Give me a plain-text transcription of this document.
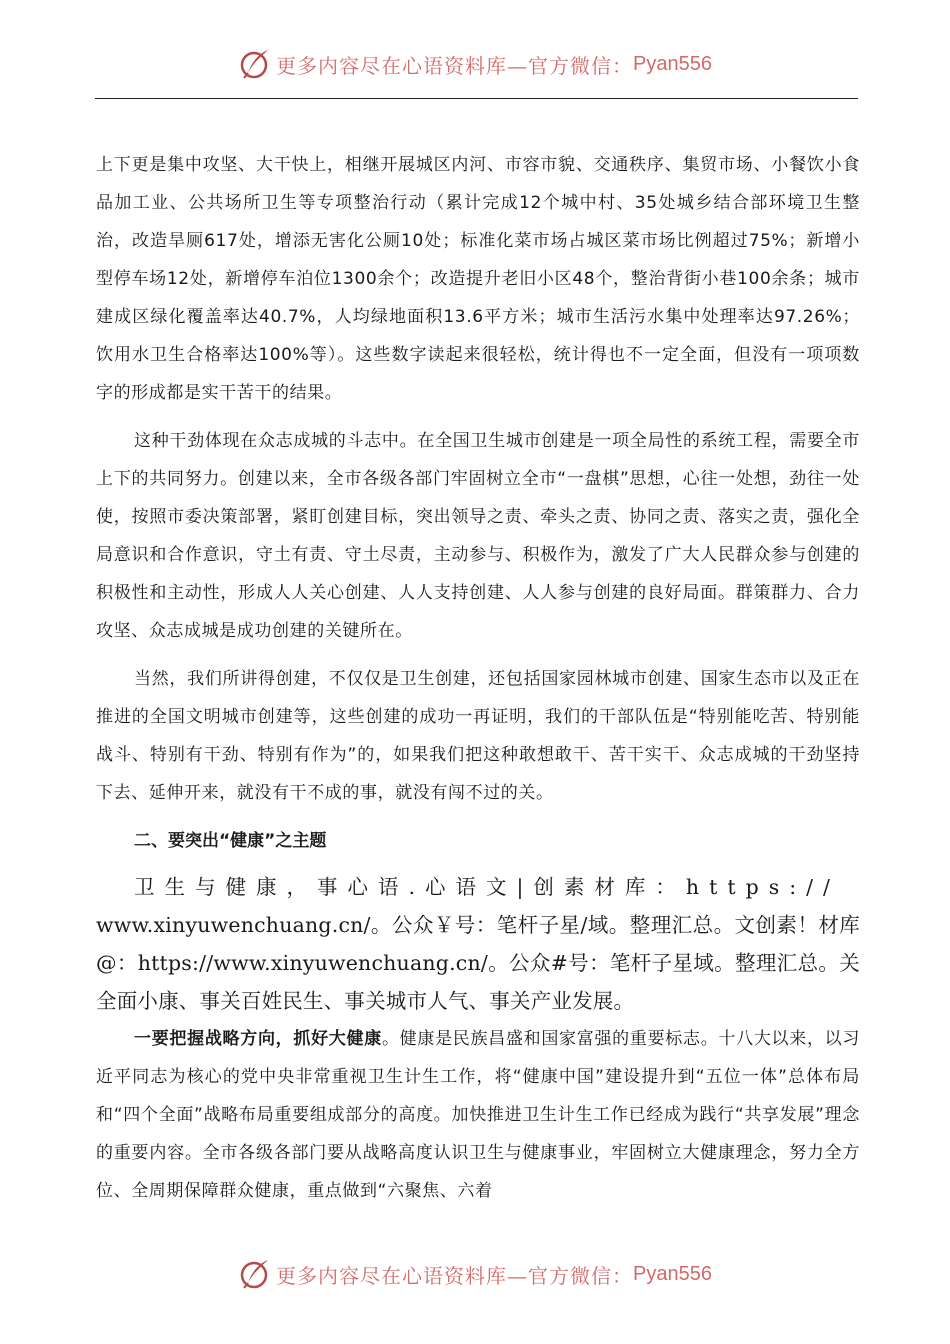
更多内容尽在心语资料库—官方微信： Pyan556

上下更是集中攻坚、大干快上，相继开展城区内河、市容市貌、交通秩序、集贸市场、小餐饮小食品加工业、公共场所卫生等专项整治行动（累计完成12个城中村、35处城乡结合部环境卫生整治，改造旱厕617处，增添无害化公厕10处；标准化菜市场占城区菜市场比例超过75%；新增小型停车场12处，新增停车泊位1300余个；改造提升老旧小区48个，整治背街小巷100余条；城市建成区绿化覆盖率达40.7%，人均绿地面积13.6平方米；城市生活污水集中处理率达97.26%；饮用水卫生合格率达100%等）。这些数字读起来很轻松，统计得也不一定全面，但没有一项项数字的形成都是实干苦干的结果。

这种干劲体现在众志成城的斗志中。在全国卫生城市创建是一项全局性的系统工程，需要全市上下的共同努力。创建以来，全市各级各部门牢固树立全市“一盘棋”思想，心往一处想，劲往一处使，按照市委决策部署，紧盯创建目标，突出领导之责、牵头之责、协同之责、落实之责，强化全局意识和合作意识，守土有责、守土尽责，主动参与、积极作为，激发了广大人民群众参与创建的积极性和主动性，形成人人关心创建、人人支持创建、人人参与创建的良好局面。群策群力、合力攻坚、众志成城是成功创建的关键所在。

当然，我们所讲得创建，不仅仅是卫生创建，还包括国家园林城市创建、国家生态市以及正在推进的全国文明城市创建等，这些创建的成功一再证明，我们的干部队伍是“特别能吃苦、特别能战斗、特别有干劲、特别有作为”的，如果我们把这种敢想敢干、苦干实干、众志成城的干劲坚持下去、延伸开来，就没有干不成的事，就没有闯不过的关。

二、要突出“健康”之主题
卫生与健康，事心语.心语文|创素材库：https://
www.xinyuwenchuang.cn/。公众￥号：笔杆子星/域。整理汇总。文创素！材库@：https://www.xinyuwenchuang.cn/。公众#号：笔杆子星域。整理汇总。关全面小康、事关百姓民生、事关城市人气、事关产业发展。

一要把握战略方向，抓好大健康。健康是民族昌盛和国家富强的重要标志。十八大以来，以习近平同志为核心的党中央非常重视卫生计生工作，将“健康中国”建设提升到“五位一体”总体布局和“四个全面”战略布局重要组成部分的高度。加快推进卫生计生工作已经成为践行“共享发展”理念的重要内容。全市各级各部门要从战略高度认识卫生与健康事业，牢固树立大健康理念，努力全方位、全周期保障群众健康，重点做到“六聚焦、六着

更多内容尽在心语资料库—官方微信： Pyan556
